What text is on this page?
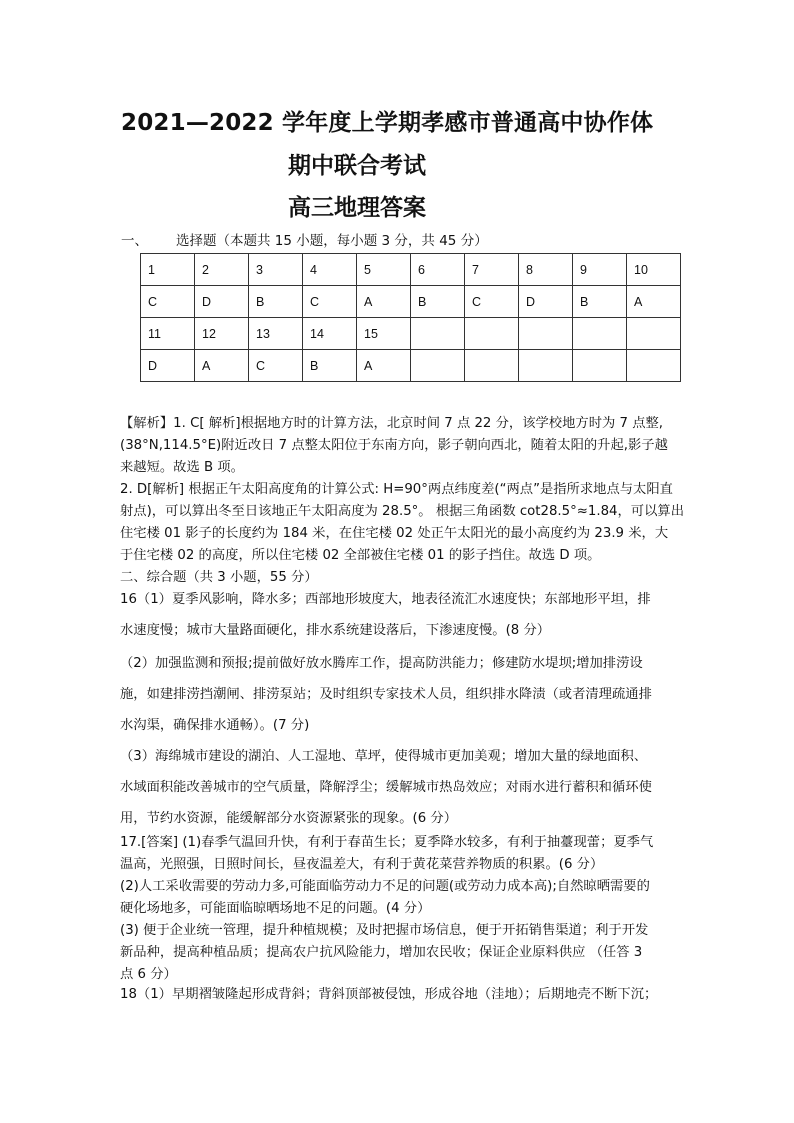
2021—2022 学年度上学期孝感市普通高中协作体
期中联合考试
高三地理答案
一、 选择题（本题共 15 小题，每小题 3 分，共 45 分）
1	2	3	4	5	6	7	8	9	10
C	D	B	C	A	B	C	D	B	A
11	12	13	14	15					
D	A	C	B	A					
【解析】1. C[ 解析]根据地方时的计算方法，北京时间 7 点 22 分，该学校地方时为 7 点整,
(38°N,114.5°E)附近改日 7 点整太阳位于东南方向，影子朝向西北，随着太阳的升起,影子越
来越短。故选 B 项。
2. D[解析] 根据正午太阳高度角的计算公式: H=90°两点纬度差(“两点”是指所求地点与太阳直
射点)，可以算出冬至日该地正午太阳高度为 28.5°。 根据三角函数 cot28.5°≈1.84，可以算出
住宅楼 01 影子的长度约为 184 米，在住宅楼 02 处正午太阳光的最小高度约为 23.9 米，大
于住宅楼 02 的高度，所以住宅楼 02 全部被住宅楼 01 的影子挡住。故选 D 项。
二、综合题（共 3 小题，55 分）
16（1）夏季风影响，降水多；西部地形坡度大，地表径流汇水速度快；东部地形平坦，排
水速度慢；城市大量路面硬化，排水系统建设落后，下渗速度慢。(8 分）
（2）加强监测和预报;提前做好放水腾库工作，提高防洪能力；修建防水堤坝;增加排涝设
施，如建排涝挡潮闸、排涝泵站；及时组织专家技术人员，组织排水降渍（或者清理疏通排
水沟渠，确保排水通畅）。(7 分)
（3）海绵城市建设的湖泊、人工湿地、草坪，使得城市更加美观；增加大量的绿地面积、
水域面积能改善城市的空气质量，降解浮尘；缓解城市热岛效应；对雨水进行蓄积和循环使
用，节约水资源，能缓解部分水资源紧张的现象。(6 分）
17.[答案] (1)春季气温回升快，有利于春苗生长；夏季降水较多，有利于抽薹现蕾；夏季气
温高，光照强，日照时间长，昼夜温差大，有利于黄花菜营养物质的积累。(6 分）
(2)人工采收需要的劳动力多,可能面临劳动力不足的问题(或劳动力成本高);自然晾晒需要的
硬化场地多，可能面临晾晒场地不足的问题。(4 分）
(3) 便于企业统一管理，提升种植规模；及时把握市场信息，便于开拓销售渠道；利于开发
新品种，提高种植品质；提高农户抗风险能力，增加农民收；保证企业原料供应 （任答 3
点 6 分）
18（1）早期褶皱隆起形成背斜；背斜顶部被侵蚀，形成谷地（洼地）；后期地壳不断下沉；
